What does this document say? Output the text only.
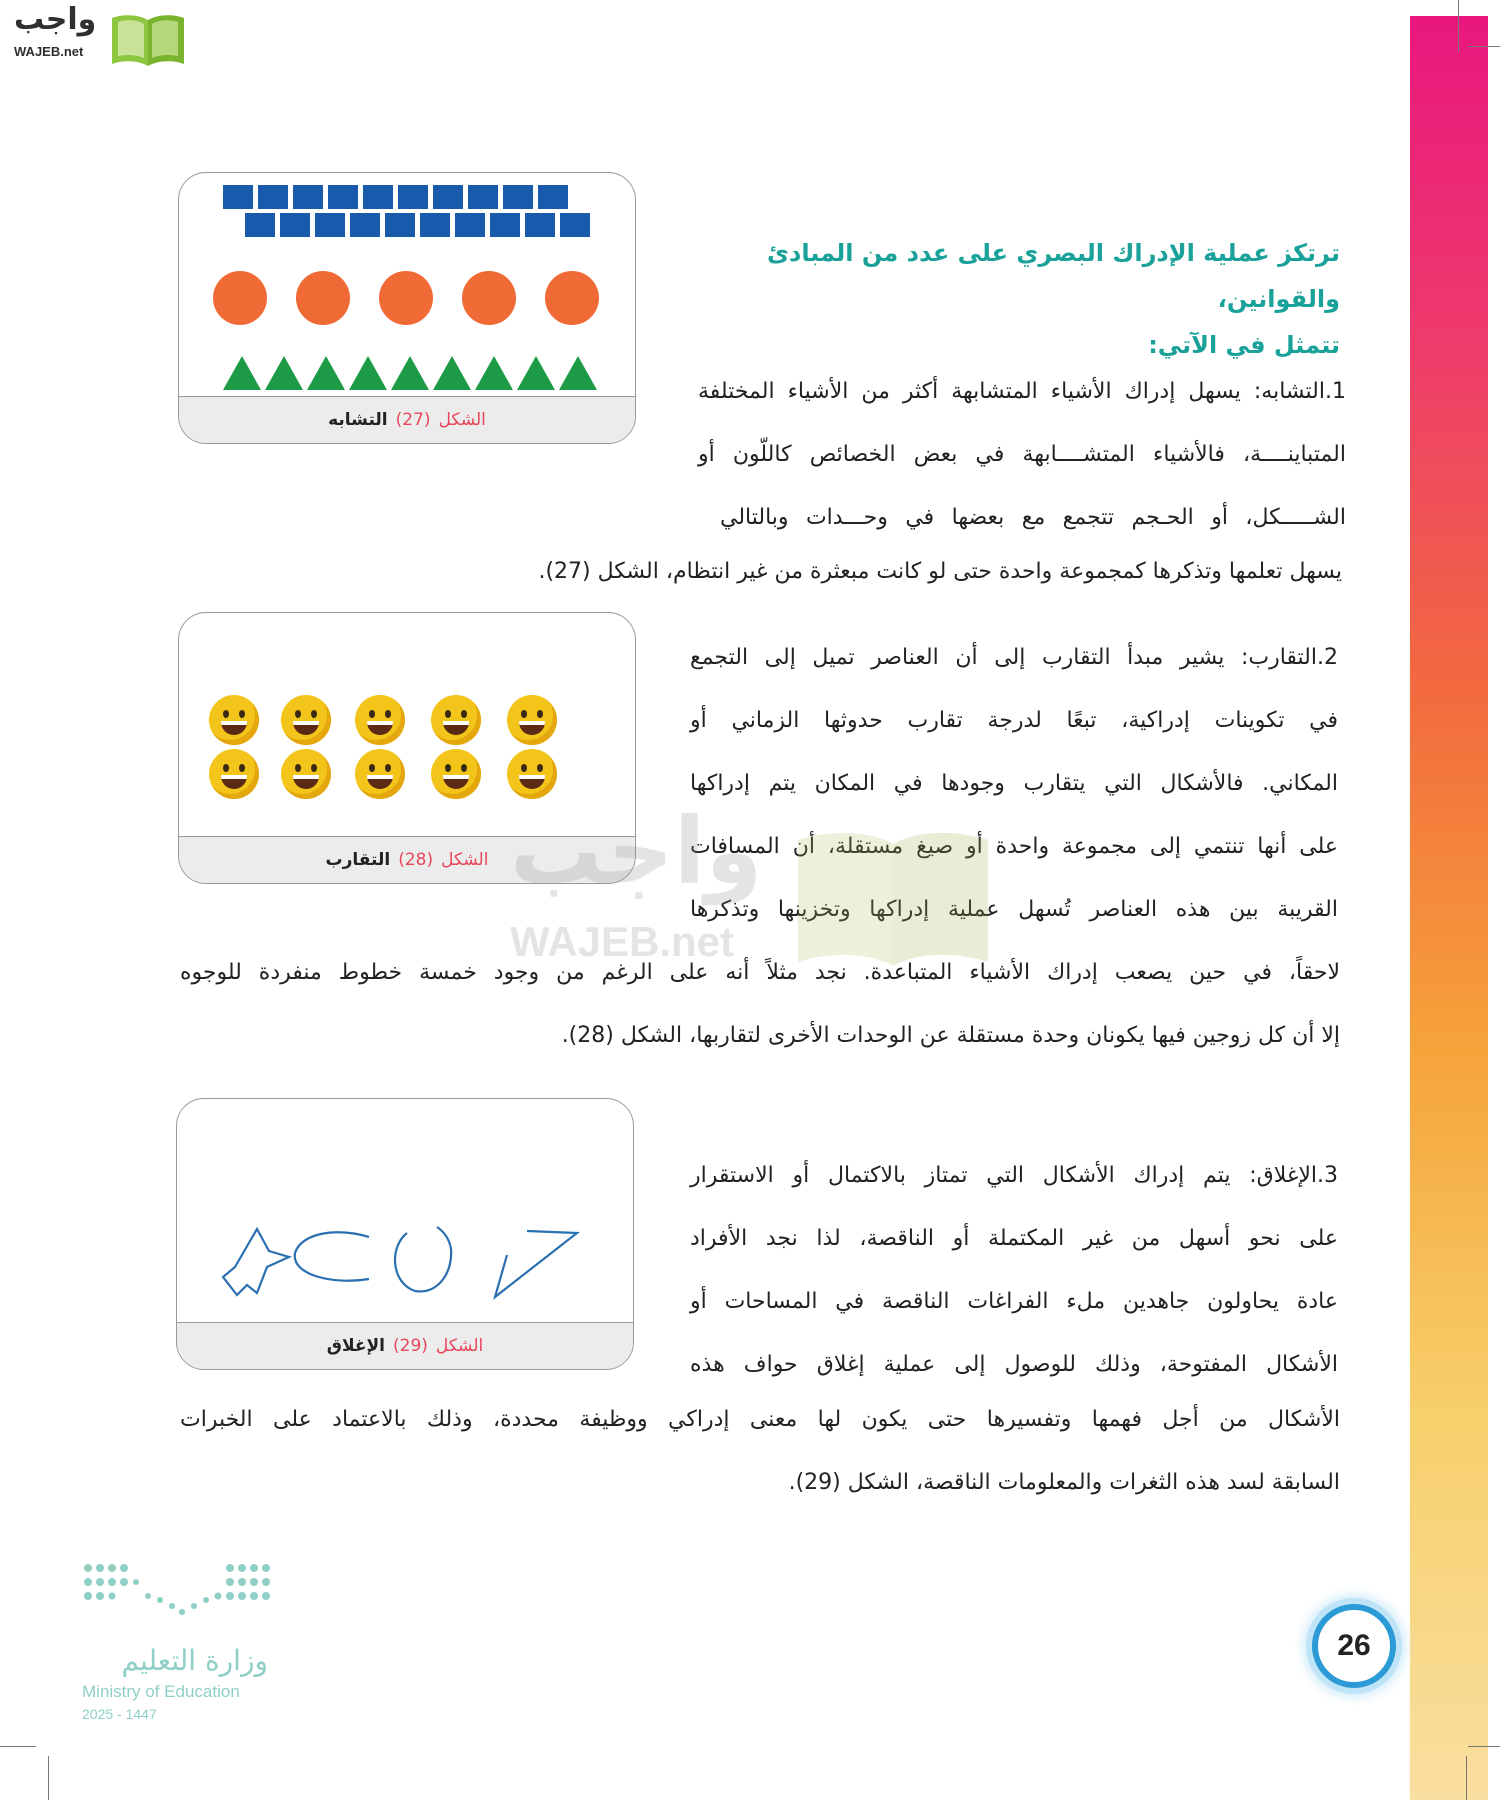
واجب
WAJEB.net
ترتكز عملية الإدراك البصري على عدد من المبادئ والقوانين،
تتمثل في الآتي:
الشكل
(27)
التشابه
1.التشابه: يسهل إدراك الأشياء المتشابهة أكثر من الأشياء المختلفة
المتباينــــة، فالأشياء المتشــــابهة في بعض الخصائص كاللّون أو
الشـــــكل، أو الحـجم تتجمع مع بعضها في وحـــدات وبالتالي
يسهل تعلمها وتذكرها كمجموعة واحدة حتى لو كانت مبعثرة من غير انتظام، الشكل (27).
الشكل
(28)
التقارب
2.التقارب: يشير مبدأ التقارب إلى أن العناصر تميل إلى التجمع
في تكوينات إدراكية، تبعًا لدرجة تقارب حدوثها الزماني أو
المكاني. فالأشكال التي يتقارب وجودها في المكان يتم إدراكها
على أنها تنتمي إلى مجموعة واحدة أو صيغ مستقلة، أن المسافات
القريبة بين هذه العناصر تُسهل عملية إدراكها وتخزينها وتذكرها
لاحقاً، في حين يصعب إدراك الأشياء المتباعدة. نجد مثلاً أنه على الرغم من وجود خمسة خطوط منفردة للوجوه
إلا أن كل زوجين فيها يكونان وحدة مستقلة عن الوحدات الأخرى لتقاربها، الشكل (28).
واجب
WAJEB.net
الشكل
(29)
الإغلاق
3.الإغلاق: يتم إدراك الأشكال التي تمتاز بالاكتمال أو الاستقرار
على نحو أسهل من غير المكتملة أو الناقصة، لذا نجد الأفراد
عادة يحاولون جاهدين ملء الفراغات الناقصة في المساحات أو
الأشكال المفتوحة، وذلك للوصول إلى عملية إغلاق حواف هذه
الأشكال من أجل فهمها وتفسيرها حتى يكون لها معنى إدراكي ووظيفة محددة، وذلك بالاعتماد على الخبرات
السابقة لسد هذه الثغرات والمعلومات الناقصة، الشكل (29).
وزارة التعليم
Ministry of Education
2025 - 1447
26
